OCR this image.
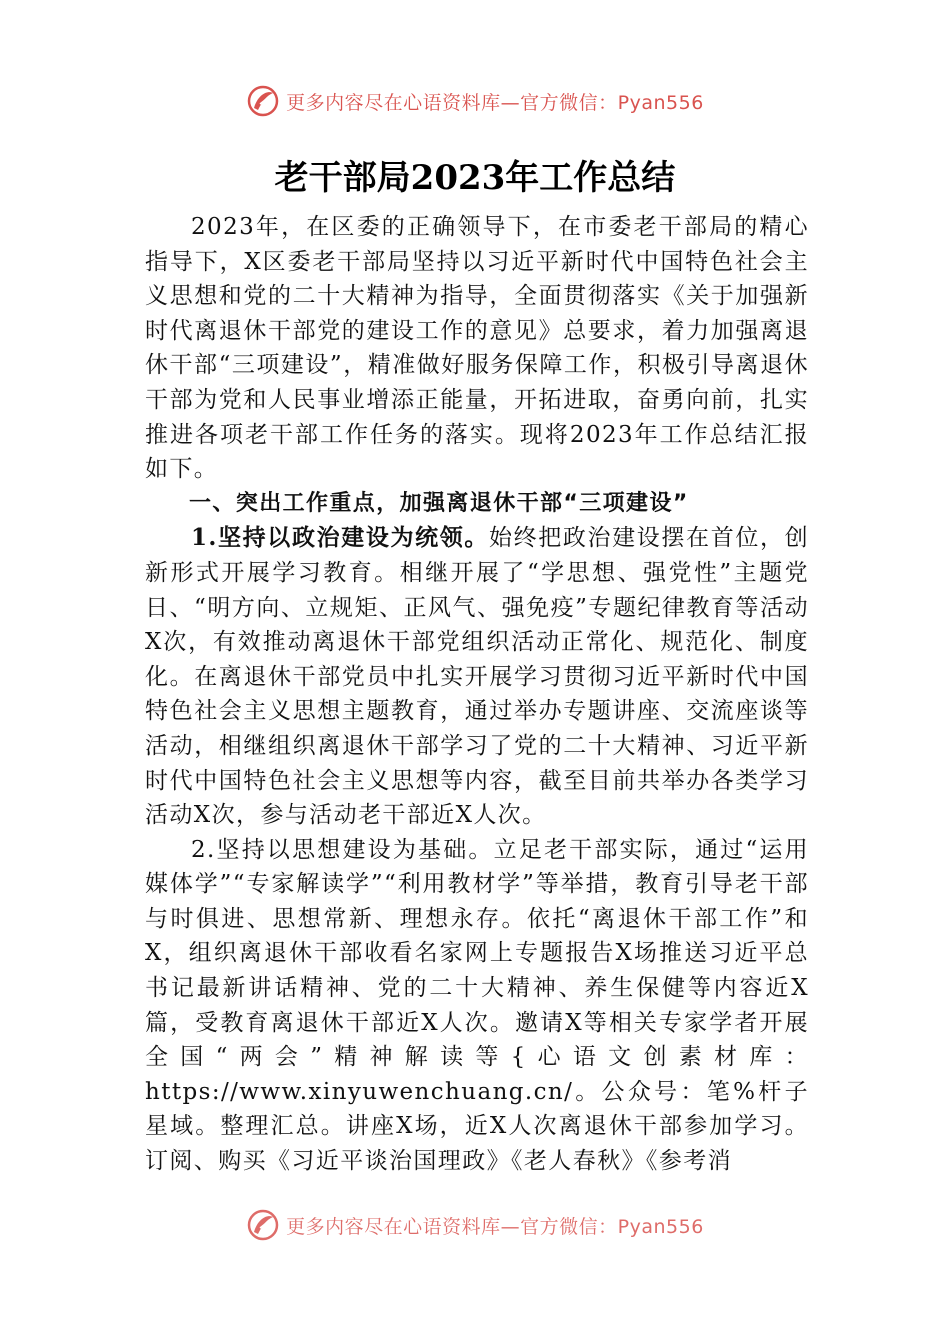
更多内容尽在心语资料库—官方微信：Pyan556
老干部局2023年工作总结

2023年，在区委的正确领导下，在市委老干部局的精心指导下，X区委老干部局坚持以习近平新时代中国特色社会主义思想和党的二十大精神为指导，全面贯彻落实《关于加强新时代离退休干部党的建设工作的意见》总要求，着力加强离退休干部“三项建设”，精准做好服务保障工作，积极引导离退休干部为党和人民事业增添正能量，开拓进取，奋勇向前，扎实推进各项老干部工作任务的落实。现将2023年工作总结汇报如下。

一、突出工作重点，加强离退休干部“三项建设”

1.坚持以政治建设为统领。始终把政治建设摆在首位，创新形式开展学习教育。相继开展了“学思想、强党性”主题党日、“明方向、立规矩、正风气、强免疫”专题纪律教育等活动X次，有效推动离退休干部党组织活动正常化、规范化、制度化。在离退休干部党员中扎实开展学习贯彻习近平新时代中国特色社会主义思想主题教育，通过举办专题讲座、交流座谈等活动，相继组织离退休干部学习了党的二十大精神、习近平新时代中国特色社会主义思想等内容，截至目前共举办各类学习活动X次，参与活动老干部近X人次。

2.坚持以思想建设为基础。立足老干部实际，通过“运用媒体学”“专家解读学”“利用教材学”等举措，教育引导老干部与时俱进、思想常新、理想永存。依托“离退休干部工作”和X，组织离退休干部收看名家网上专题报告X场推送习近平总书记最新讲话精神、党的二十大精神、养生保健等内容近X篇，受教育离退休干部近X人次。邀请X等相关专家学者开展全国“两会”精神解读等{心语文创素材库：https://www.xinyuwenchuang.cn/。公众号：笔%杆子星域。整理汇总。讲座X场，近X人次离退休干部参加学习。订阅、购买《习近平谈治国理政》《老人春秋》《参考消

更多内容尽在心语资料库—官方微信：Pyan556
